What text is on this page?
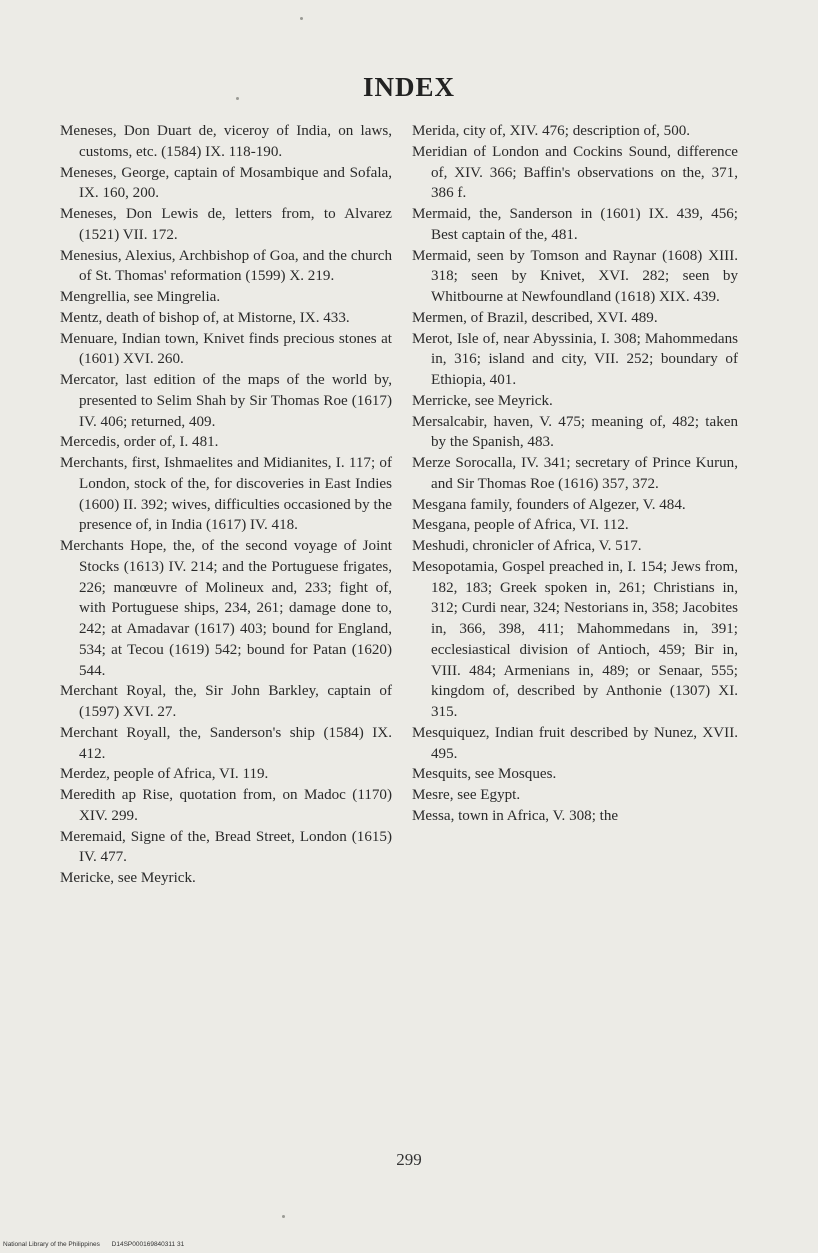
INDEX

Meneses, Don Duart de, viceroy of India, on laws, customs, etc. (1584) IX. 118-190.

Meneses, George, captain of Mosambique and Sofala, IX. 160, 200.

Meneses, Don Lewis de, letters from, to Alvarez (1521) VII. 172.

Menesius, Alexius, Archbishop of Goa, and the church of St. Thomas' reformation (1599) X. 219.

Mengrellia, see Mingrelia.

Mentz, death of bishop of, at Mistorne, IX. 433.

Menuare, Indian town, Knivet finds precious stones at (1601) XVI. 260.

Mercator, last edition of the maps of the world by, presented to Selim Shah by Sir Thomas Roe (1617) IV. 406; returned, 409.

Mercedis, order of, I. 481.

Merchants, first, Ishmaelites and Midianites, I. 117; of London, stock of the, for discoveries in East Indies (1600) II. 392; wives, difficulties occasioned by the presence of, in India (1617) IV. 418.

Merchants Hope, the, of the second voyage of Joint Stocks (1613) IV. 214; and the Portuguese frigates, 226; manœuvre of Molineux and, 233; fight of, with Portuguese ships, 234, 261; damage done to, 242; at Amadavar (1617) 403; bound for England, 534; at Tecou (1619) 542; bound for Patan (1620) 544.

Merchant Royal, the, Sir John Barkley, captain of (1597) XVI. 27.

Merchant Royall, the, Sanderson's ship (1584) IX. 412.

Merdez, people of Africa, VI. 119.

Meredith ap Rise, quotation from, on Madoc (1170) XIV. 299.

Meremaid, Signe of the, Bread Street, London (1615) IV. 477.

Mericke, see Meyrick.

Merida, city of, XIV. 476; description of, 500.

Meridian of London and Cockins Sound, difference of, XIV. 366; Baffin's observations on the, 371, 386 f.

Mermaid, the, Sanderson in (1601) IX. 439, 456; Best captain of the, 481.

Mermaid, seen by Tomson and Raynar (1608) XIII. 318; seen by Knivet, XVI. 282; seen by Whitbourne at Newfoundland (1618) XIX. 439.

Mermen, of Brazil, described, XVI. 489.

Merot, Isle of, near Abyssinia, I. 308; Mahommedans in, 316; island and city, VII. 252; boundary of Ethiopia, 401.

Merricke, see Meyrick.

Mersalcabir, haven, V. 475; meaning of, 482; taken by the Spanish, 483.

Merze Sorocalla, IV. 341; secretary of Prince Kurun, and Sir Thomas Roe (1616) 357, 372.

Mesgana family, founders of Algezer, V. 484.

Mesgana, people of Africa, VI. 112.

Meshudi, chronicler of Africa, V. 517.

Mesopotamia, Gospel preached in, I. 154; Jews from, 182, 183; Greek spoken in, 261; Christians in, 312; Curdi near, 324; Nestorians in, 358; Jacobites in, 366, 398, 411; Mahommedans in, 391; ecclesiastical division of Antioch, 459; Bir in, VIII. 484; Armenians in, 489; or Senaar, 555; kingdom of, described by Anthonie (1307) XI. 315.

Mesquiquez, Indian fruit described by Nunez, XVII. 495.

Mesquits, see Mosques.

Mesre, see Egypt.

Messa, town in Africa, V. 308; the

299
National Library of the Philippines D14SP000169840311 31
